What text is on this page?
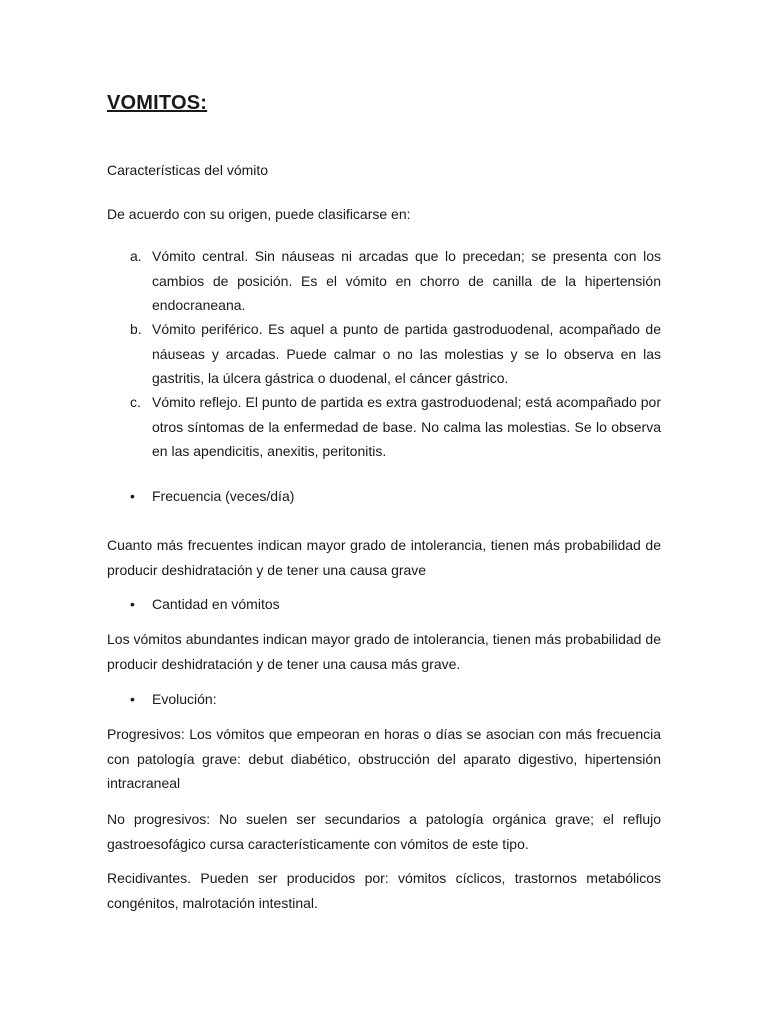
VOMITOS:
Características del vómito
De acuerdo con su origen, puede clasificarse en:
a. Vómito central. Sin náuseas ni arcadas que lo precedan; se presenta con los cambios de posición. Es el vómito en chorro de canilla de la hipertensión endocraneana.
b. Vómito periférico. Es aquel a punto de partida gastroduodenal, acompañado de náuseas y arcadas. Puede calmar o no las molestias y se lo observa en las gastritis, la úlcera gástrica o duodenal, el cáncer gástrico.
c. Vómito reflejo. El punto de partida es extra gastroduodenal; está acompañado por otros síntomas de la enfermedad de base. No calma las molestias. Se lo observa en las apendicitis, anexitis, peritonitis.
• Frecuencia (veces/día)
Cuanto más frecuentes indican mayor grado de intolerancia, tienen más probabilidad de producir deshidratación y de tener una causa grave
• Cantidad en vómitos
Los vómitos abundantes indican mayor grado de intolerancia, tienen más probabilidad de producir deshidratación y de tener una causa más grave.
• Evolución:
Progresivos: Los vómitos que empeoran en horas o días se asocian con más frecuencia con patología grave: debut diabético, obstrucción del aparato digestivo, hipertensión intracraneal
No progresivos: No suelen ser secundarios a patología orgánica grave; el reflujo gastroesofágico cursa característicamente con vómitos de este tipo.
Recidivantes. Pueden ser producidos por: vómitos cíclicos, trastornos metabólicos congénitos, malrotación intestinal.
